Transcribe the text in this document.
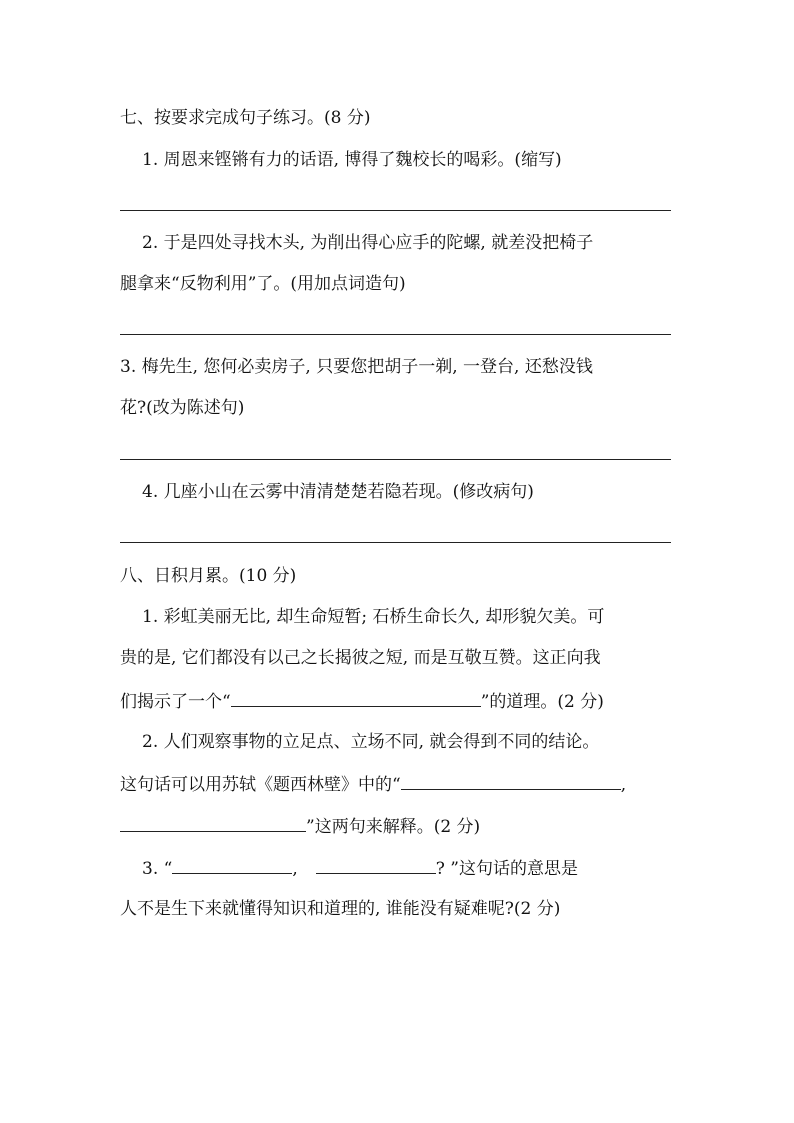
七、按要求完成句子练习。(8 分)
1. 周恩来铿锵有力的话语, 博得了魏校长的喝彩。(缩写)
2. 于是四处寻找木头, 为削出得心应手的陀螺, 就差没把椅子
腿拿来“反物利用”了。(用加点词造句)
3. 梅先生, 您何必卖房子, 只要您把胡子一剃, 一登台, 还愁没钱
花?(改为陈述句)
4. 几座小山在云雾中清清楚楚若隐若现。(修改病句)
八、日积月累。(10 分)
1. 彩虹美丽无比, 却生命短暂; 石桥生命长久, 却形貌欠美。可
贵的是, 它们都没有以己之长揭彼之短, 而是互敬互赞。这正向我
们揭示了一个“	”的道理。(2 分)
2. 人们观察事物的立足点、立场不同, 就会得到不同的结论。
这句话可以用苏轼《题西林壁》中的“	,
”这两句来解释。(2 分)
3. “	,	? ”这句话的意思是
人不是生下来就懂得知识和道理的, 谁能没有疑难呢?(2 分)
